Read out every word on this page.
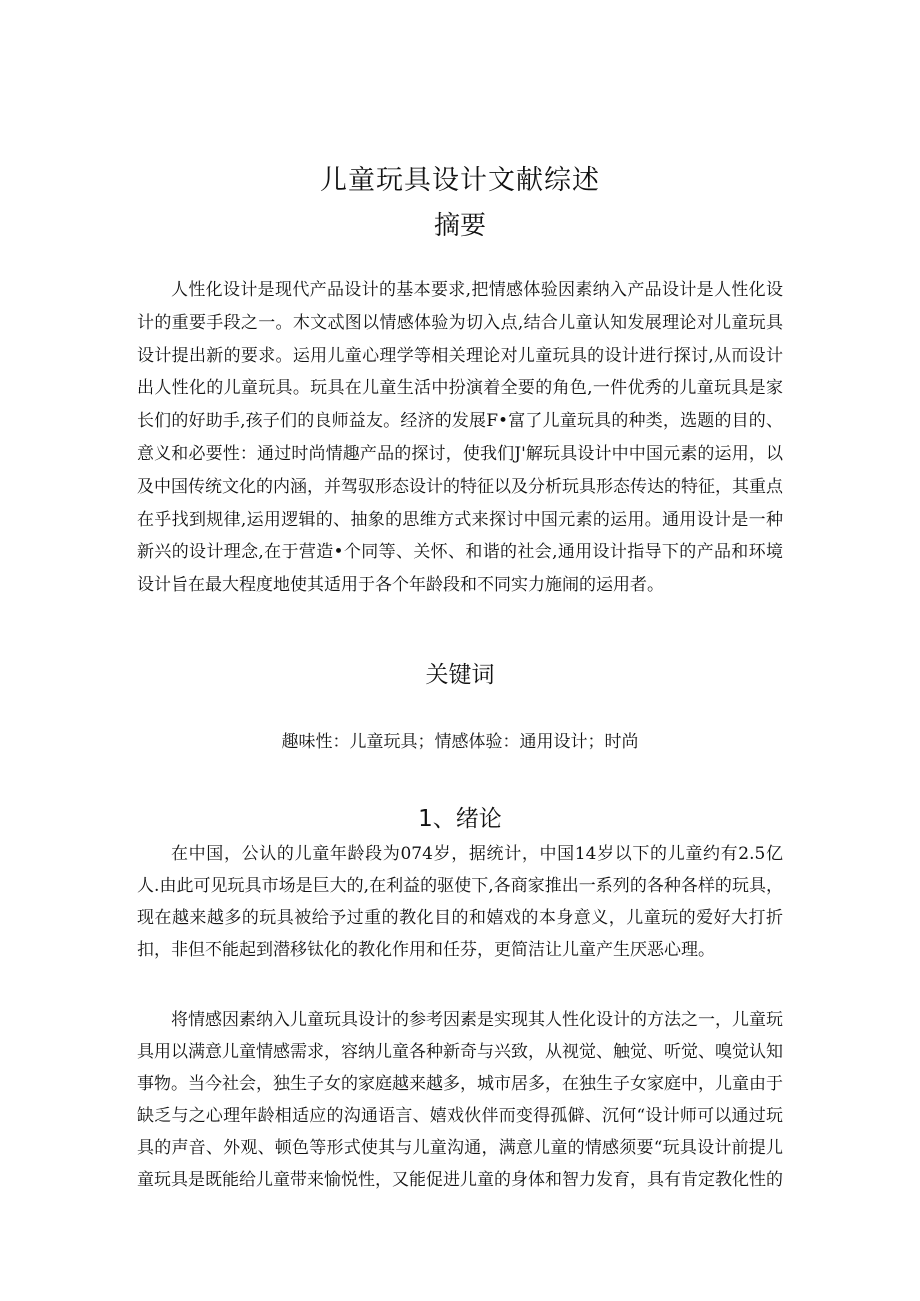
儿童玩具设计文献综述
摘要

人性化设计是现代产品设计的基本要求,把情感体验因素纳入产品设计是人性化设计的重要手段之一。木文忒图以情感体验为切入点,结合儿童认知发展理论对儿童玩具设计提出新的要求。运用儿童心理学等相关理论对儿童玩具的设计进行探讨,从而设计出人性化的儿童玩具。玩具在儿童生活中扮演着全要的角色,一件优秀的儿童玩具是家长们的好助手,孩子们的良师益友。经济的发展F•富了儿童玩具的种类，选题的目的、意义和必要性：通过时尚情趣产品的探讨，使我们J'解玩具设计中中国元素的运用，以及中国传统文化的内涵，并驾驭形态设计的特征以及分析玩具形态传达的特征，其重点在乎找到规律,运用逻辑的、抽象的思维方式来探讨中国元素的运用。通用设计是一种新兴的设计理念,在于营造•个同等、关怀、和谐的社会,通用设计指导下的产品和环境设计旨在最大程度地使其适用于各个年龄段和不同实力施闹的运用者。

关键词

趣味性：儿童玩具；情感体验：通用设计；时尚

1、绪论

在中国，公认的儿童年龄段为074岁，据统计，中国14岁以下的儿童约有2.5亿人.由此可见玩具市场是巨大的,在利益的驱使下,各商家推出一系列的各种各样的玩具，现在越来越多的玩具被给予过重的教化目的和嬉戏的本身意义，儿童玩的爱好大打折扣，非但不能起到潜移钛化的教化作用和任芬，更简洁让儿童产生厌恶心理。

将情感因素纳入儿童玩具设计的参考因素是实现其人性化设计的方法之一，儿童玩具用以满意儿童情感需求，容纳儿童各种新奇与兴致，从视觉、触觉、听觉、嗅觉认知事物。当今社会，独生子女的家庭越来越多，城市居多，在独生子女家庭中，儿童由于缺乏与之心理年龄相适应的沟通语言、嬉戏伙伴而变得孤僻、沉何“设计师可以通过玩具的声音、外观、顿色等形式使其与儿童沟通，满意儿童的情感须要“玩具设计前提儿童玩具是既能给儿童带来愉悦性，又能促进儿童的身体和智力发育，具有肯定教化性的
